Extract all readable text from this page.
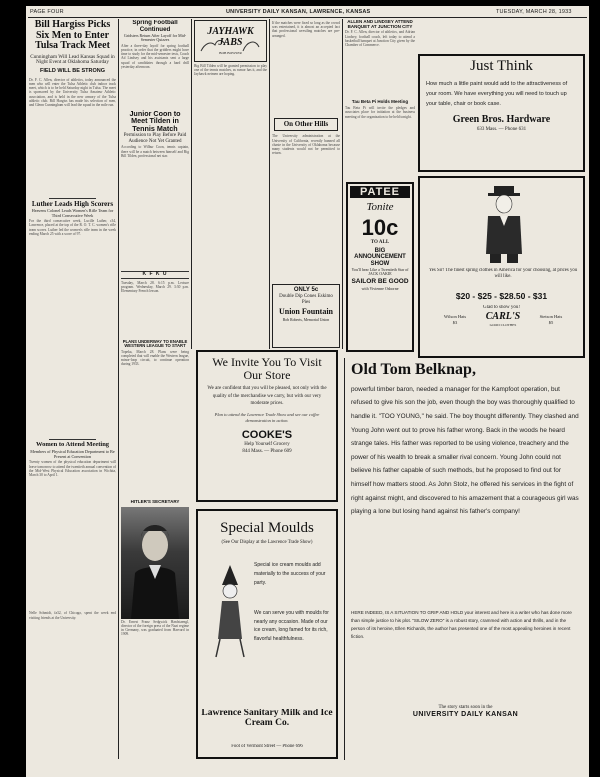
PAGE FOUR	UNIVERSITY DAILY KANSAN, LAWRENCE, KANSAS	TUESDAY, MARCH 28, 1933
Bill Hargiss Picks Six Men to Enter Tulsa Track Meet
Cunningham Will Lead Kansas Squad in Night Event at Oklahoma Saturday
FIELD WILL BE STRONG
Dr. F. C. Allen, director of athletics, today announced the men who will enter the Tulsa Athletic club indoor track meet, which is to be held Saturday night in Tulsa. The meet is sponsored by the University Tulsa Amateur Athletic association, and is held in the new armory of the Tulsa athletic club. Bill Hargiss has made his selection of men, and Glenn Cunningham will lead the squad in the mile run.
Luther Leads High Scorers
Heavens Colonel Leads Women's Rifle Team for Third Consecutive Week
For the third consecutive week, Lucille Luther, c34, Lawrence, placed at the top of the R. O. T. C. women's rifle team scores. Luther led the women's rifle team in the week ending March 25 with a score of 97.
Women to Attend Meeting
Members of Physical Education Department to Be Present at Convention
Twenty women of the physical education department will leave tomorrow to attend the twentieth annual convention of the Mid-West Physical Education association in Wichita, March 30 to April 1.
Nelle Schmidt, fa32, of Chicago, spent the week end visiting friends at the University.
Spring Football Continued
Gridsters Return After Layoff for Mid-Semester Quizzes
After a three-day layoff for spring football practice, in order that the gridders might have time to study for the mid-semester tests, Coach Ad Lindsey and his assistants sent a large squad of candidates through a hard drill yesterday afternoon.
Junior Coon to Meet Tilden in Tennis Match
Permission to Play Before Paid Audience Not Yet Granted
According to Wilbur Coon, tennis captain, there will be a match between himself and Big Bill Tilden, professional net star.
K F K U
Tuesday, March 28. 6:15 p.m. Lecture program. Wednesday, March 29. 3:30 p.m. Elementary French lesson.
JAYHAWK JABS
BOB BOWSER
Big Bill Tilden will be granted permission to play one of the tennis matches, as rumor has it, and the Jayhawk netmen are hoping.
If the matches were fixed so long as the crowd was entertained, it is almost an accepted fact that professional wrestling matches are pre-arranged.
On Other Hills
The University administration at the University of California, recently banned all chaste in the University of Oklahoma because many students would not be permitted to return.
ALLEN AND LINDSEY ATTEND BANQUET AT JUNCTION CITY
Dr. F. C. Allen, director of athletics, and Adrian Lindsey, football coach, left today to attend a basketball banquet at Junction City given by the Chamber of Commerce.
Tau Beta Pi Holds Meeting
Tau Beta Pi will invite the pledges and associates place for initiation at the business meeting of the organization to be held tonight.
Just Think
How much a little paint would add to the attractiveness of your room. We have everything you will need to touch up your table, chair or book case.
Green Bros. Hardware
633 Mass. — Phone 631
PATEE
Tonite
10c
TO ALL
BIG ANNOUNCEMENT SHOW
You'll hear Like a Twentieth Star of JACK OAKIE
SAILOR BE GOOD
with Vivienne Osborne
ONLY 5c
Double Dip Cones Eskimo Pies
Union Fountain
Bob Roberts, Memorial Union
Yes Sir! The finest spring clothes in America for your choosing, at prices you will like.
$20 - $25 - $28.50 - $31
Glad to show you!
Wilson Hats
$3
CARL'S
GOOD CLOTHES
Stetson Hats
$5
PLANS UNDERWAY TO ENABLE WESTERN LEAGUE TO START
Topeka, March 28. Plans were being completed that will enable the Western league, minor-loop circuit, to continue operation during 1933.
HITLER'S SECRETARY
Dr. Ernest Franz Sedgwick Hanfstaengl, director of the foreign press of the Nazi regime in Germany, was graduated from Harvard in 1909.
We Invite You To Visit Our Store
We are confident that you will be pleased, not only with the quality of the merchandise we carry, but with our very moderate prices.
Plan to attend the Lawrence Trade Show and see our coffee demonstration in action.
COOKE'S
Help Yourself Grocery
844 Mass. — Phone 609
Special Moulds
(See Our Display at the Lawrence Trade Show)
Special ice cream moulds add materially to the success of your party.
We can serve you with moulds for nearly any occasion. Made of our ice cream, long famed for its rich, flavorful healthfulness.
Lawrence Sanitary Milk and Ice Cream Co.
Foot of Vermont Street — Phone 696
Old Tom Belknap,
powerful timber baron, needed a manager for the Kampfoot operation, but refused to give his son the job, even though the boy was thoroughly qualified to handle it. "TOO YOUNG," he said. The boy thought differently. They clashed and Young John went out to prove his father wrong. Back in the woods he heard strange tales. His father was reported to be using violence, treachery and the power of his wealth to break a smaller rival concern. Young John could not believe his father capable of such methods, but he proposed to find out for himself how matters stood. As John Stolz, he offered his services in the fight of right against might, and discovered to his amazement that a courageous girl was playing a lone but losing hand against his father's company!
HERE INDEED, IS A SITUATION TO GRIP AND HOLD your interest and here is a writer who has done more than simple justice to his plot. "SILOW ZERO" is a robust story, crammed with action and thrills, and in the person of its heroine, Ellen Richards, the author has presented one of the most appealing heroines in recent fiction.
The story starts soon in the
UNIVERSITY DAILY KANSAN
